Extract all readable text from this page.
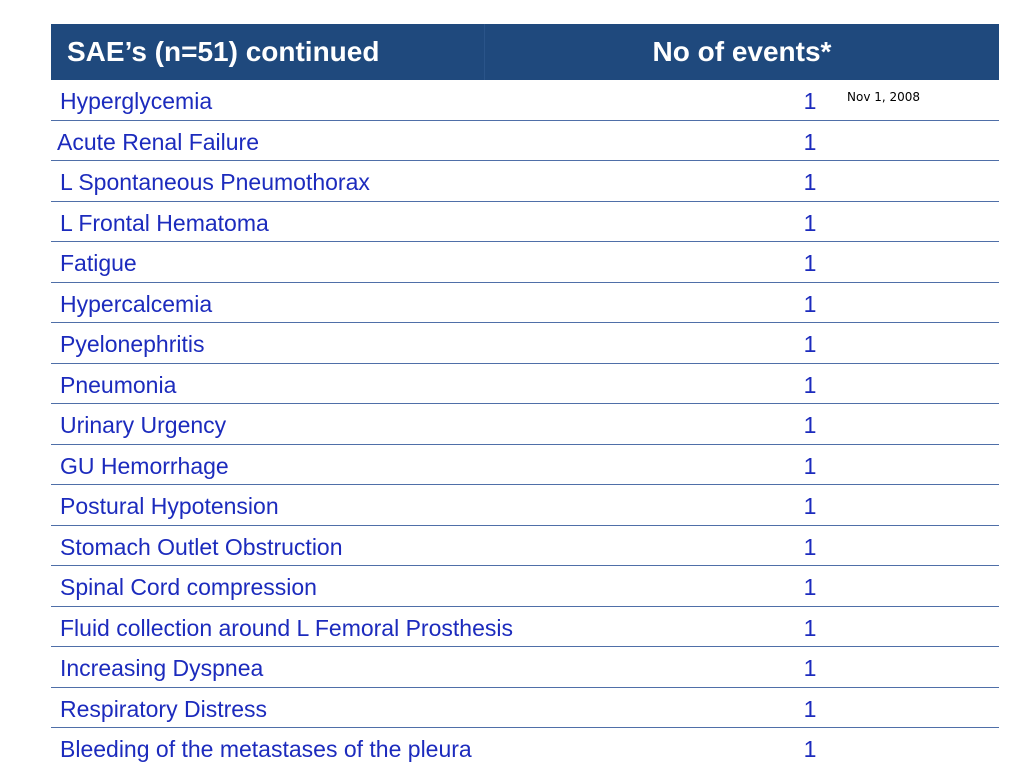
SAE’s (n=51) continued	No of events*
Hyperglycemia	1
Acute Renal Failure	1
L Spontaneous Pneumothorax	1
L Frontal Hematoma	1
Fatigue	1
Hypercalcemia	1
Pyelonephritis	1
Pneumonia	1
Urinary Urgency	1
GU Hemorrhage	1
Postural Hypotension	1
Stomach Outlet Obstruction	1
Spinal Cord compression	1
Fluid collection around L Femoral Prosthesis	1
Increasing Dyspnea	1
Respiratory Distress	1
Bleeding of the metastases of the pleura	1
Nov 1, 2008
